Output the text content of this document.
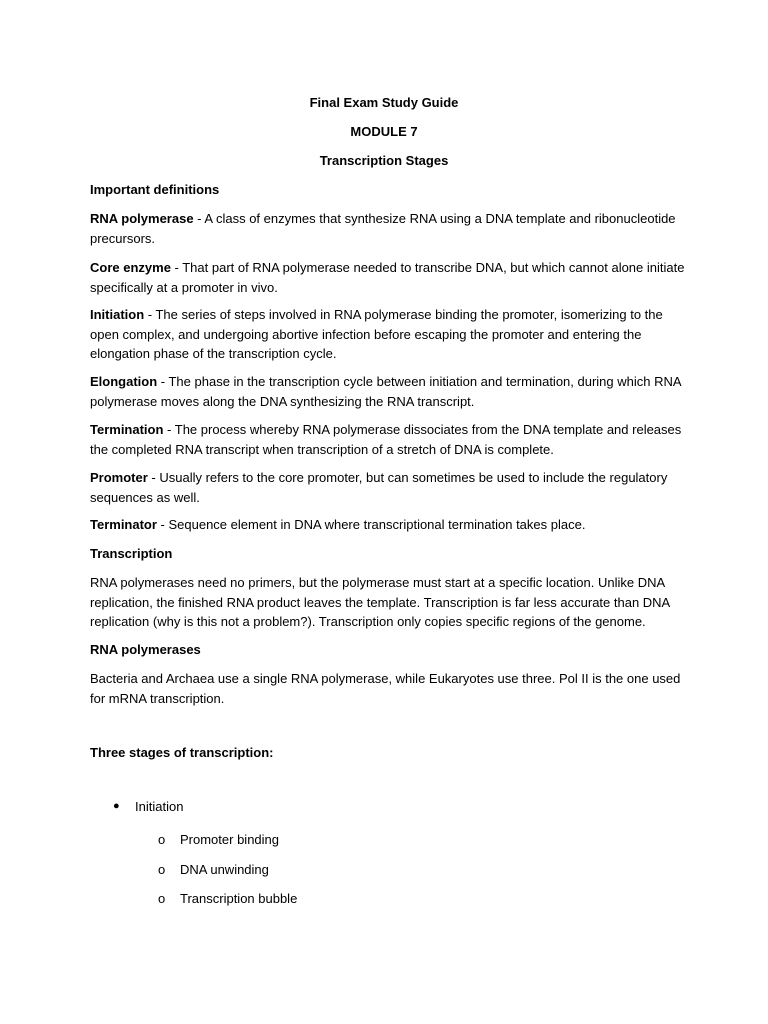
Final Exam Study Guide
MODULE 7
Transcription Stages
Important definitions
RNA polymerase - A class of enzymes that synthesize RNA using a DNA template and ribonucleotide precursors.
Core enzyme - That part of RNA polymerase needed to transcribe DNA, but which cannot alone initiate specifically at a promoter in vivo.
Initiation - The series of steps involved in RNA polymerase binding the promoter, isomerizing to the open complex, and undergoing abortive infection before escaping the promoter and entering the elongation phase of the transcription cycle.
Elongation - The phase in the transcription cycle between initiation and termination, during which RNA polymerase moves along the DNA synthesizing the RNA transcript.
Termination - The process whereby RNA polymerase dissociates from the DNA template and releases the completed RNA transcript when transcription of a stretch of DNA is complete.
Promoter - Usually refers to the core promoter, but can sometimes be used to include the regulatory sequences as well.
Terminator - Sequence element in DNA where transcriptional termination takes place.
Transcription
RNA polymerases need no primers, but the polymerase must start at a specific location. Unlike DNA replication, the finished RNA product leaves the template. Transcription is far less accurate than DNA replication (why is this not a problem?). Transcription only copies specific regions of the genome.
RNA polymerases
Bacteria and Archaea use a single RNA polymerase, while Eukaryotes use three. Pol II is the one used for mRNA transcription.
Three stages of transcription:
● Initiation
o Promoter binding
o DNA unwinding
o Transcription bubble
